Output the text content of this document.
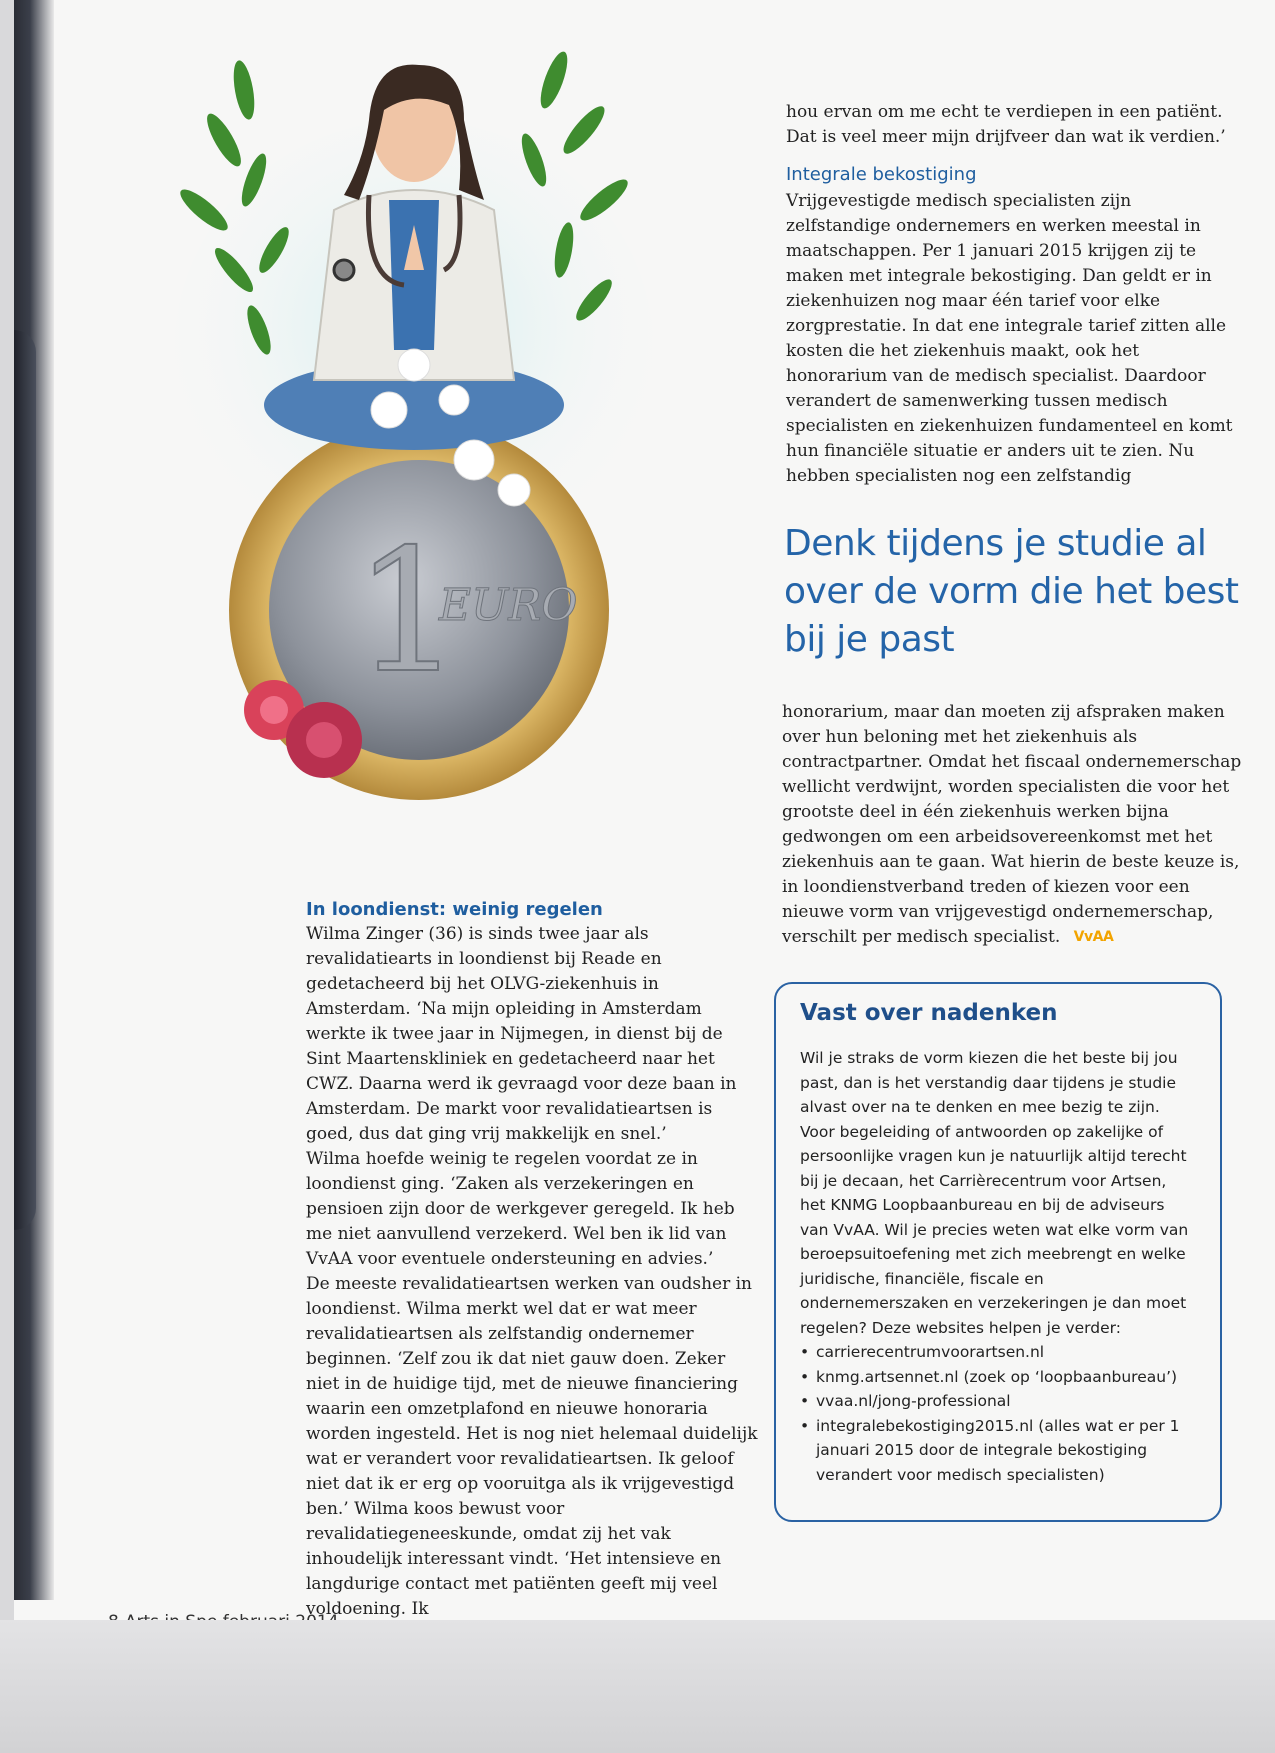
1
EURO

hou ervan om me echt te verdiepen in een patiënt. Dat is veel meer mijn drijfveer dan wat ik verdien.’

Integrale bekostiging

Vrijgevestigde medisch specialisten zijn zelfstandige ondernemers en werken meestal in maatschappen. Per 1 januari 2015 krijgen zij te maken met integrale bekostiging. Dan geldt er in ziekenhuizen nog maar één tarief voor elke zorgprestatie. In dat ene integrale tarief zitten alle kosten die het ziekenhuis maakt, ook het honorarium van de medisch specialist. Daardoor verandert de samenwerking tussen medisch specialisten en ziekenhuizen fundamenteel en komt hun financiële situatie er anders uit te zien. Nu hebben specialisten nog een zelfstandig

Denk tijdens je studie al over de vorm die het best bij je past

honorarium, maar dan moeten zij afspraken maken over hun beloning met het ziekenhuis als contractpartner. Omdat het fiscaal ondernemerschap wellicht verdwijnt, worden specialisten die voor het grootste deel in één ziekenhuis werken bijna gedwongen om een arbeidsovereenkomst met het ziekenhuis aan te gaan. Wat hierin de beste keuze is, in loondienstverband treden of kiezen voor een nieuwe vorm van vrijgevestigd ondernemerschap, verschilt per medisch specialist. VvAA

In loondienst: weinig regelen

Wilma Zinger (36) is sinds twee jaar als revalidatiearts in loondienst bij Reade en gedetacheerd bij het OLVG-ziekenhuis in Amsterdam. ‘Na mijn opleiding in Amsterdam werkte ik twee jaar in Nijmegen, in dienst bij de Sint Maartenskliniek en gedetacheerd naar het CWZ. Daarna werd ik gevraagd voor deze baan in Amsterdam. De markt voor revalidatieartsen is goed, dus dat ging vrij makkelijk en snel.’

Wilma hoefde weinig te regelen voordat ze in loondienst ging. ‘Zaken als verzekeringen en pensioen zijn door de werkgever geregeld. Ik heb me niet aanvullend verzekerd. Wel ben ik lid van VvAA voor eventuele ondersteuning en advies.’

De meeste revalidatieartsen werken van oudsher in loondienst. Wilma merkt wel dat er wat meer revalidatieartsen als zelfstandig ondernemer beginnen. ‘Zelf zou ik dat niet gauw doen. Zeker niet in de huidige tijd, met de nieuwe financiering waarin een omzetplafond en nieuwe honoraria worden ingesteld. Het is nog niet helemaal duidelijk wat er verandert voor revalidatieartsen. Ik geloof niet dat ik er erg op vooruitga als ik vrijgevestigd ben.’ Wilma koos bewust voor revalidatiegeneeskunde, omdat zij het vak inhoudelijk interessant vindt. ‘Het intensieve en langdurige contact met patiënten geeft mij veel voldoening. Ik

Vast over nadenken

Wil je straks de vorm kiezen die het beste bij jou past, dan is het verstandig daar tijdens je studie alvast over na te denken en mee bezig te zijn. Voor begeleiding of antwoorden op zakelijke of persoonlijke vragen kun je natuurlijk altijd terecht bij je decaan, het Carrièrecentrum voor Artsen, het KNMG Loopbaanbureau en bij de adviseurs van VvAA. Wil je precies weten wat elke vorm van beroepsuitoefening met zich meebrengt en welke juridische, financiële, fiscale en ondernemerszaken en verzekeringen je dan moet regelen? Deze websites helpen je verder:

• carrierecentrumvoorartsen.nl
• knmg.artsennet.nl (zoek op ‘loopbaanbureau’)
• vvaa.nl/jong-professional
• integralebekostiging2015.nl (alles wat er per 1 januari 2015 door de integrale bekostiging verandert voor medisch specialisten)
